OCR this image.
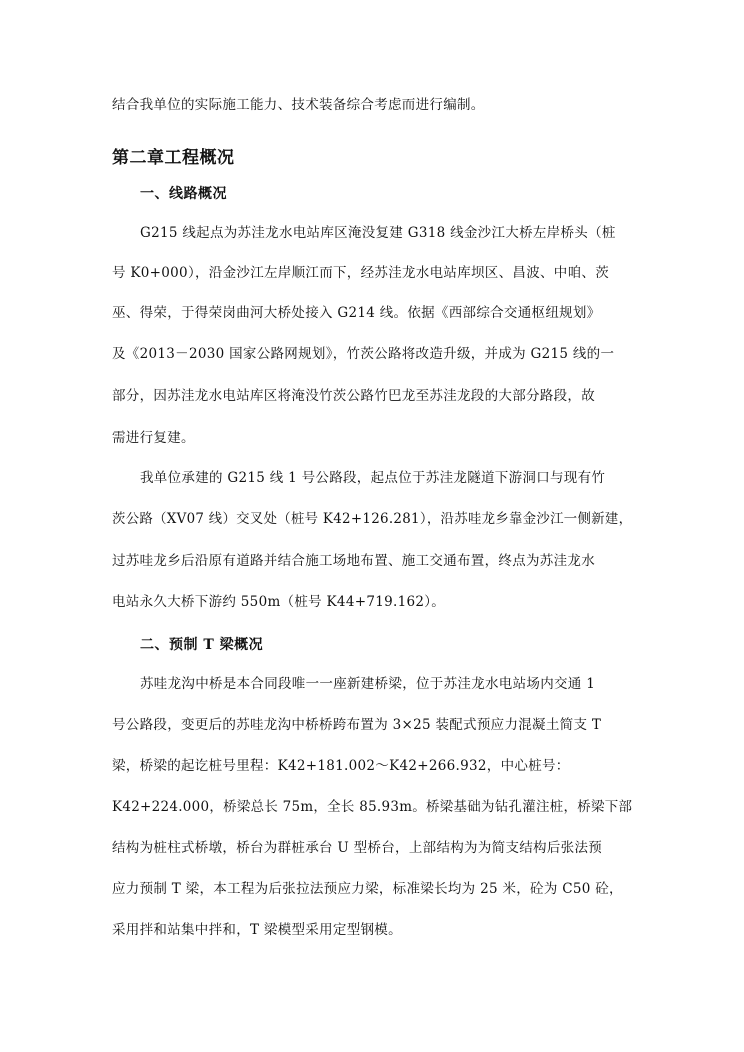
结合我单位的实际施工能力、技术装备综合考虑而进行编制。
第二章工程概况
一、线路概况
G215 线起点为苏洼龙水电站库区淹没复建 G318 线金沙江大桥左岸桥头（桩
号 K0+000），沿金沙江左岸顺江而下，经苏洼龙水电站库坝区、昌波、中咱、茨
巫、得荣，于得荣岗曲河大桥处接入 G214 线。依据《西部综合交通枢纽规划》
及《2013－2030 国家公路网规划》，竹茨公路将改造升级，并成为 G215 线的一
部分，因苏洼龙水电站库区将淹没竹茨公路竹巴龙至苏洼龙段的大部分路段，故
需进行复建。
我单位承建的 G215 线 1 号公路段，起点位于苏洼龙隧道下游洞口与现有竹
茨公路（XV07 线）交叉处（桩号 K42+126.281），沿苏哇龙乡靠金沙江一侧新建，
过苏哇龙乡后沿原有道路并结合施工场地布置、施工交通布置，终点为苏洼龙水
电站永久大桥下游约 550m（桩号 K44+719.162）。
二、预制 T 梁概况
苏哇龙沟中桥是本合同段唯一一座新建桥梁，位于苏洼龙水电站场内交通 1
号公路段，变更后的苏哇龙沟中桥桥跨布置为 3×25 装配式预应力混凝土简支 T
梁，桥梁的起讫桩号里程：K42+181.002～K42+266.932，中心桩号：
K42+224.000，桥梁总长 75m，全长 85.93m。桥梁基础为钻孔灌注桩，桥梁下部
结构为桩柱式桥墩，桥台为群桩承台 U 型桥台，上部结构为为简支结构后张法预
应力预制 T 梁，本工程为后张拉法预应力梁，标准梁长均为 25 米，砼为 C50 砼，
采用拌和站集中拌和，T 梁模型采用定型钢模。
